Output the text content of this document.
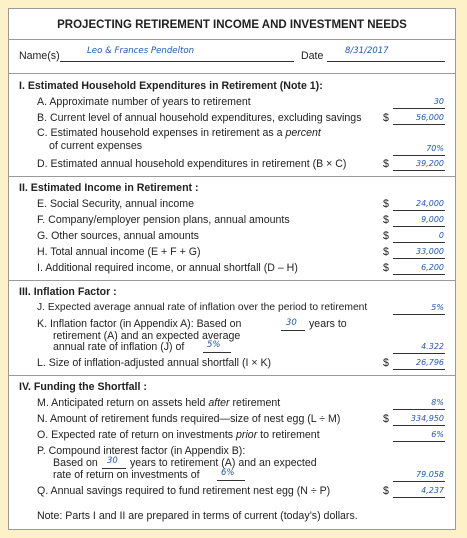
PROJECTING RETIREMENT INCOME AND INVESTMENT NEEDS
Name(s)	Leo & Frances Pendelton	Date	8/31/2017
I. Estimated Household Expenditures in Retirement (Note 1):
A. Approximate number of years to retirement	30
B. Current level of annual household expenditures, excluding savings $	56,000
C. Estimated household expenses in retirement as a percent
of current expenses	70%
D. Estimated annual household expenditures in retirement (B × C)	$	39,200
II. Estimated Income in Retirement :
E. Social Security, annual income	$	24,000
F. Company/employer pension plans, annual amounts	$	9,000
G. Other sources, annual amounts	$	0
H. Total annual income (E + F + G)	$	33,000
I. Additional required income, or annual shortfall (D – H)	$	6,200
III. Inflation Factor :
J. Expected average annual rate of inflation over the period to retirement	5%
K. Inflation factor (in Appendix A): Based on	30 years to
retirement (A) and an expected average
annual rate of inflation (J) of	5%	4.322
L. Size of inflation-adjusted annual shortfall (I × K)	$	26,796
IV. Funding the Shortfall :
M. Anticipated return on assets held after retirement	8%
N. Amount of retirement funds required—size of nest egg (L ÷ M)	$	334,950
O. Expected rate of return on investments prior to retirement	6%
P. Compound interest factor (in Appendix B):
Based on 30 years to retirement (A) and an expected
rate of return on investments of	6%	79.058
Q. Annual savings required to fund retirement nest egg (N ÷ P)	$	4,237
Note: Parts I and II are prepared in terms of current (today’s) dollars.
